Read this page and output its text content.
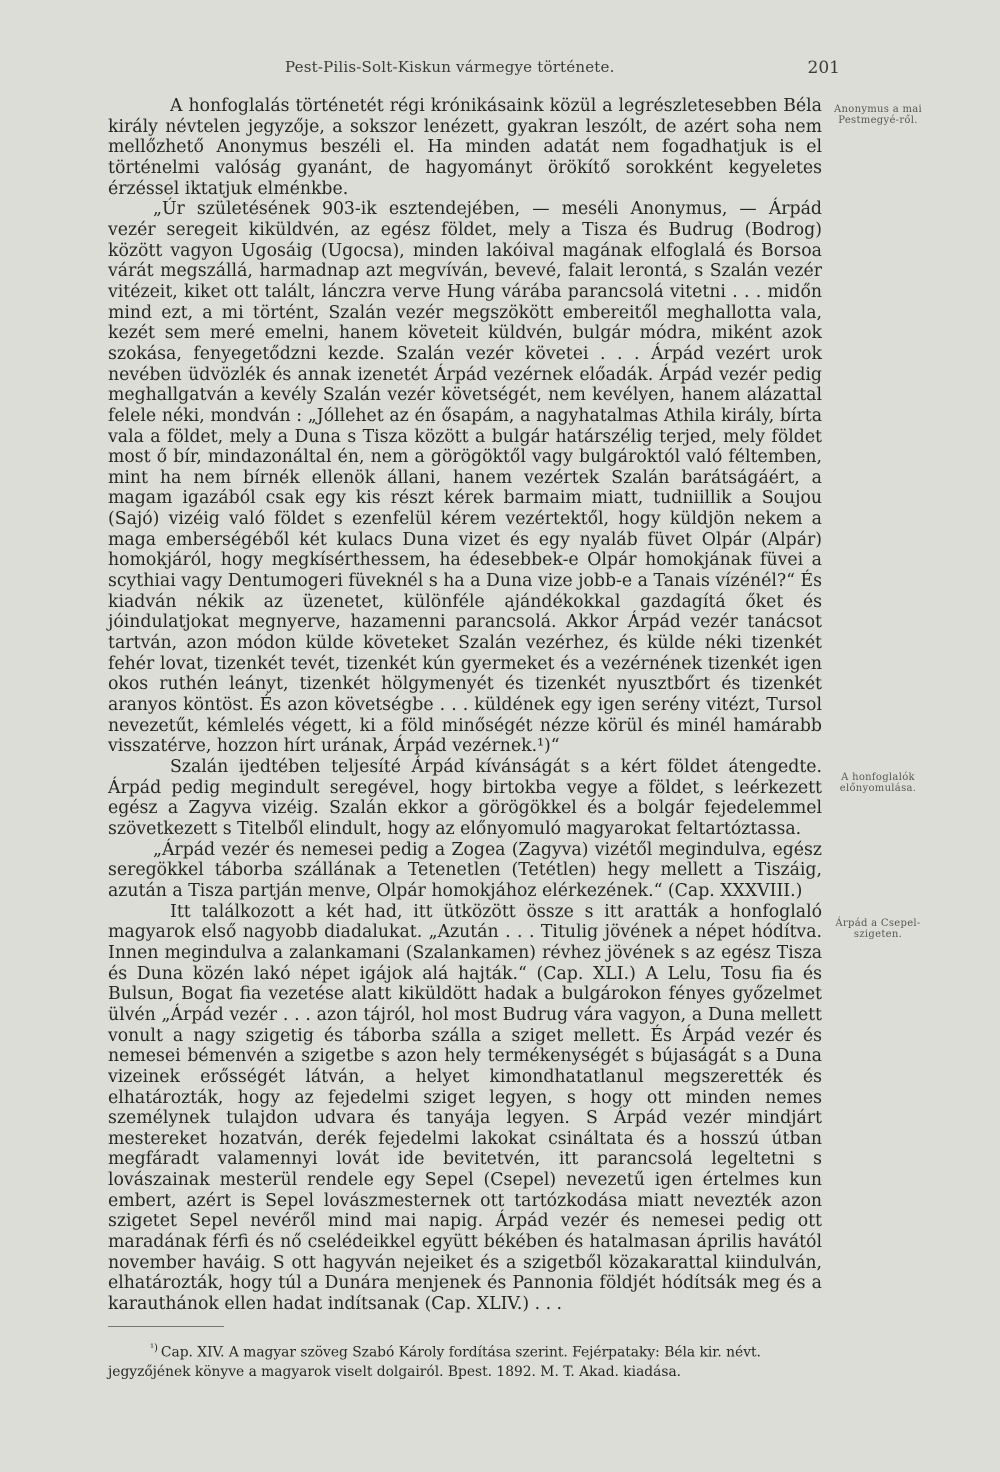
Pest-Pilis-Solt-Kiskun vármegye története.	201
Anonymus a mai Pestmegyé-ről.
A honfoglalók előnyomulása.
Árpád a Csepel-szigeten.

A honfoglalás történetét régi krónikásaink közül a legrészletesebben Béla király névtelen jegyzője, a sokszor lenézett, gyakran leszólt, de azért soha nem mellőzhető Anonymus beszéli el. Ha minden adatát nem fogadhatjuk is el történelmi valóság gyanánt, de hagyományt örökítő sorokként kegyeletes érzéssel iktatjuk elménkbe.

„Úr születésének 903-ik esztendejében, — meséli Anonymus, — Árpád vezér seregeit kiküldvén, az egész földet, mely a Tisza és Budrug (Bodrog) között vagyon Ugosáig (Ugocsa), minden lakóival magának elfoglalá és Borsoa várát megszállá, harmadnap azt megvíván, bevevé, falait lerontá, s Szalán vezér vitézeit, kiket ott talált, lánczra verve Hung várába parancsolá vitetni . . . midőn mind ezt, a mi történt, Szalán vezér megszökött embereitől meghallotta vala, kezét sem meré emelni, hanem követeit küldvén, bulgár módra, miként azok szokása, fenyegetődzni kezde. Szalán vezér követei . . . Árpád vezért urok nevében üdvözlék és annak izenetét Árpád vezérnek előadák. Árpád vezér pedig meghallgatván a kevély Szalán vezér követségét, nem kevélyen, hanem alázattal felele néki, mondván : „Jóllehet az én ősapám, a nagyhatalmas Athila király, bírta vala a földet, mely a Duna s Tisza között a bulgár határszélig terjed, mely földet most ő bír, mindazonáltal én, nem a görögöktől vagy bulgároktól való féltemben, mint ha nem bírnék ellenök állani, hanem vezértek Szalán barátságáért, a magam igazából csak egy kis részt kérek barmaim miatt, tudniillik a Soujou (Sajó) vizéig való földet s ezenfelül kérem vezértektől, hogy küldjön nekem a maga emberségéből két kulacs Duna vizet és egy nyaláb füvet Olpár (Alpár) homokjáról, hogy megkísérthessem, ha édesebbek-e Olpár homokjának füvei a scythiai vagy Dentumogeri füveknél s ha a Duna vize jobb-e a Tanais vízénél?“ És kiadván nékik az üzenetet, különféle ajándékokkal gazdagítá őket és jóindulatjokat megnyerve, hazamenni parancsolá. Akkor Árpád vezér tanácsot tartván, azon módon külde követeket Szalán vezérhez, és külde néki tizenkét fehér lovat, tizenkét tevét, tizenkét kún gyermeket és a vezérnének tizenkét igen okos ruthén leányt, tizenkét hölgymenyét és tizenkét nyusztbőrt és tizenkét aranyos köntöst. És azon követségbe . . . küldének egy igen serény vitézt, Tursol nevezetűt, kémlelés végett, ki a föld minőségét nézze körül és minél hamárabb visszatérve, hozzon hírt urának, Árpád vezérnek.¹)“

Szalán ijedtében teljesíté Árpád kívánságát s a kért földet átengedte. Árpád pedig megindult seregével, hogy birtokba vegye a földet, s leérkezett egész a Zagyva vizéig. Szalán ekkor a görögökkel és a bolgár fejedelemmel szövetkezett s Titelből elindult, hogy az előnyomuló magyarokat feltartóztassa.

„Árpád vezér és nemesei pedig a Zogea (Zagyva) vizétől megindulva, egész seregökkel táborba szállának a Tetenetlen (Tetétlen) hegy mellett a Tiszáig, azután a Tisza partján menve, Olpár homokjához elérkezének.“ (Cap. XXXVIII.)

Itt találkozott a két had, itt ütközött össze s itt aratták a honfoglaló magyarok első nagyobb diadalukat. „Azután . . . Titulig jövének a népet hódítva. Innen megindulva a zalankamani (Szalankamen) révhez jövének s az egész Tisza és Duna közén lakó népet igájok alá hajták.“ (Cap. XLI.) A Lelu, Tosu fia és Bulsun, Bogat fia vezetése alatt kiküldött hadak a bulgárokon fényes győzelmet ülvén „Árpád vezér . . . azon tájról, hol most Budrug vára vagyon, a Duna mellett vonult a nagy szigetig és táborba szálla a sziget mellett. És Árpád vezér és nemesei bémenvén a szigetbe s azon hely termékenységét s bújaságát s a Duna vizeinek erősségét látván, a helyet kimondhatatlanul megszerették és elhatározták, hogy az fejedelmi sziget legyen, s hogy ott minden nemes személynek tulajdon udvara és tanyája legyen. S Árpád vezér mindjárt mestereket hozatván, derék fejedelmi lakokat csináltata és a hosszú útban megfáradt valamennyi lovát ide bevitetvén, itt parancsolá legeltetni s lovászainak mesterül rendele egy Sepel (Csepel) nevezetű igen értelmes kun embert, azért is Sepel lovászmesternek ott tartózkodása miatt nevezték azon szigetet Sepel nevéről mind mai napig. Árpád vezér és nemesei pedig ott maradának férfi és nő cselédeikkel együtt békében és hatalmasan április havától november haváig. S ott hagyván nejeiket és a szigetből közakarattal kiindulván, elhatározták, hogy túl a Dunára menjenek és Pannonia földjét hódítsák meg és a karauthánok ellen hadat indítsanak (Cap. XLIV.) . . .

$^{^1)}$ Cap. XIV. A magyar szöveg Szabó Károly fordítása szerint. Fejérpataky: Béla kir. névt. jegyzőjének könyve a magyarok viselt dolgairól. Bpest. 1892. M. T. Akad. kiadása.
